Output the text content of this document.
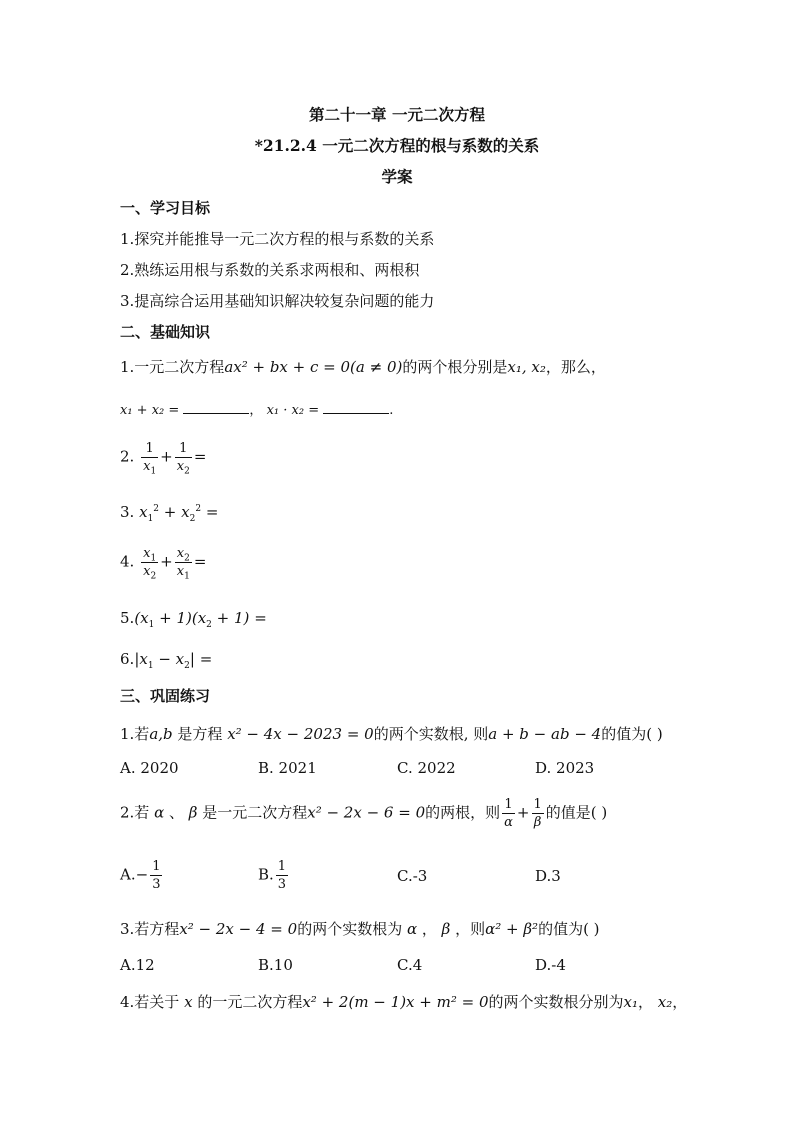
第二十一章 一元二次方程
*21.2.4 一元二次方程的根与系数的关系
学案
一、学习目标
1.探究并能推导一元二次方程的根与系数的关系
2.熟练运用根与系数的关系求两根和、两根积
3.提高综合运用基础知识解决较复杂问题的能力
二、基础知识
1.一元二次方程ax² + bx + c = 0(a ≠ 0)的两个根分别是x₁, x₂，那么，
x₁ + x₂ =	， x₁ · x₂ =	.
2. $\frac{1}{x_1} + \frac{1}{x_2}$ =
3. $x_1^2 + x_2^2$ =
4. $\frac{x_1}{x_2} + \frac{x_2}{x_1}$ =
$5.(x_1 + 1)(x_2 + 1)$ =
$6.|x_1 - x_2|$ =
三、巩固练习
1.若a,b 是方程 x² − 4x − 2023 = 0的两个实数根, 则a + b − ab − 4的值为( )
A. 2020	B. 2021	C. 2022	D. 2023
2.若 α 、 β 是一元二次方程x² − 2x − 6 = 0的两根，则 $\frac{1}{\alpha} + \frac{1}{\beta}$ 的值是( )
$A.- \frac{1}{3}$	B. $\frac{1}{3}$	C.-3	D.3
3.若方程x² − 2x − 4 = 0的两个实数根为 α ， β ，则α² + β²的值为( )
A.12	B.10	C.4	D.-4
4.若关于 x 的一元二次方程x² + 2(m − 1)x + m² = 0的两个实数根分别为x₁， x₂，
